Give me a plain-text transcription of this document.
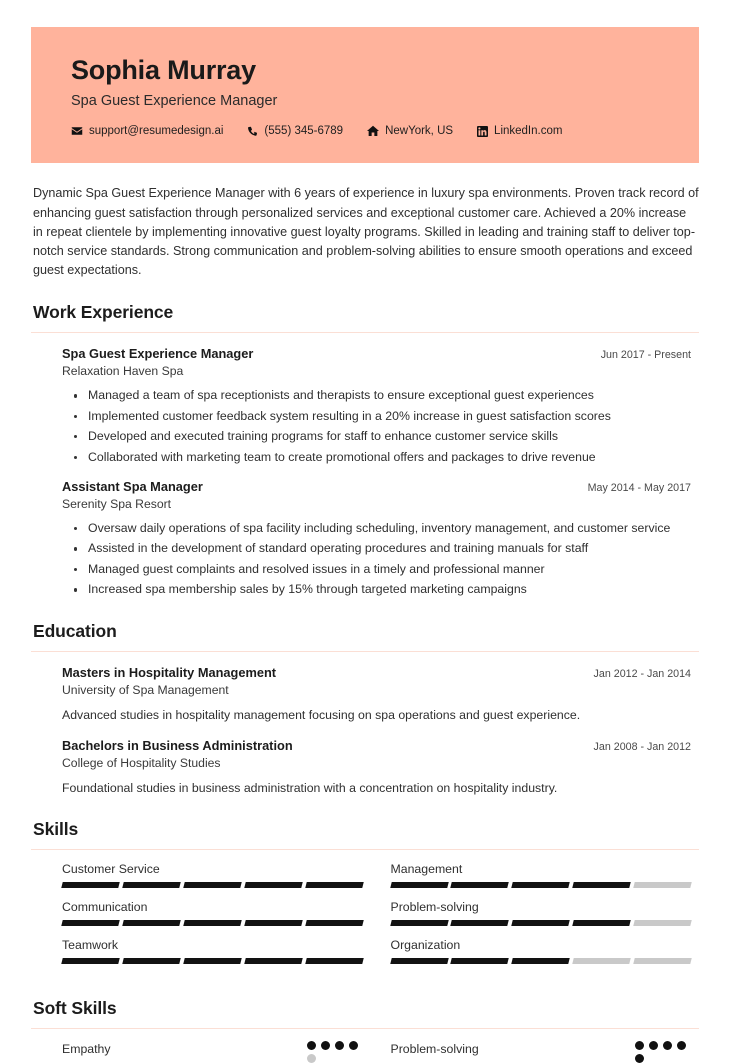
Sophia Murray
Spa Guest Experience Manager
support@resumedesign.ai	(555) 345-6789	NewYork, US	LinkedIn.com
Dynamic Spa Guest Experience Manager with 6 years of experience in luxury spa environments. Proven track record of enhancing guest satisfaction through personalized services and exceptional customer care. Achieved a 20% increase in repeat clientele by implementing innovative guest loyalty programs. Skilled in leading and training staff to deliver top-notch service standards. Strong communication and problem-solving abilities to ensure smooth operations and exceed guest expectations.
Work Experience
Spa Guest Experience Manager	Jun 2017 - Present
Relaxation Haven Spa
Managed a team of spa receptionists and therapists to ensure exceptional guest experiences
Implemented customer feedback system resulting in a 20% increase in guest satisfaction scores
Developed and executed training programs for staff to enhance customer service skills
Collaborated with marketing team to create promotional offers and packages to drive revenue
Assistant Spa Manager	May 2014 - May 2017
Serenity Spa Resort
Oversaw daily operations of spa facility including scheduling, inventory management, and customer service
Assisted in the development of standard operating procedures and training manuals for staff
Managed guest complaints and resolved issues in a timely and professional manner
Increased spa membership sales by 15% through targeted marketing campaigns
Education
Masters in Hospitality Management	Jan 2012 - Jan 2014
University of Spa Management
Advanced studies in hospitality management focusing on spa operations and guest experience.
Bachelors in Business Administration	Jan 2008 - Jan 2012
College of Hospitality Studies
Foundational studies in business administration with a concentration on hospitality industry.
Skills
Customer Service	Management
Communication	Problem-solving
Teamwork	Organization
Soft Skills
Empathy	Problem-solving
